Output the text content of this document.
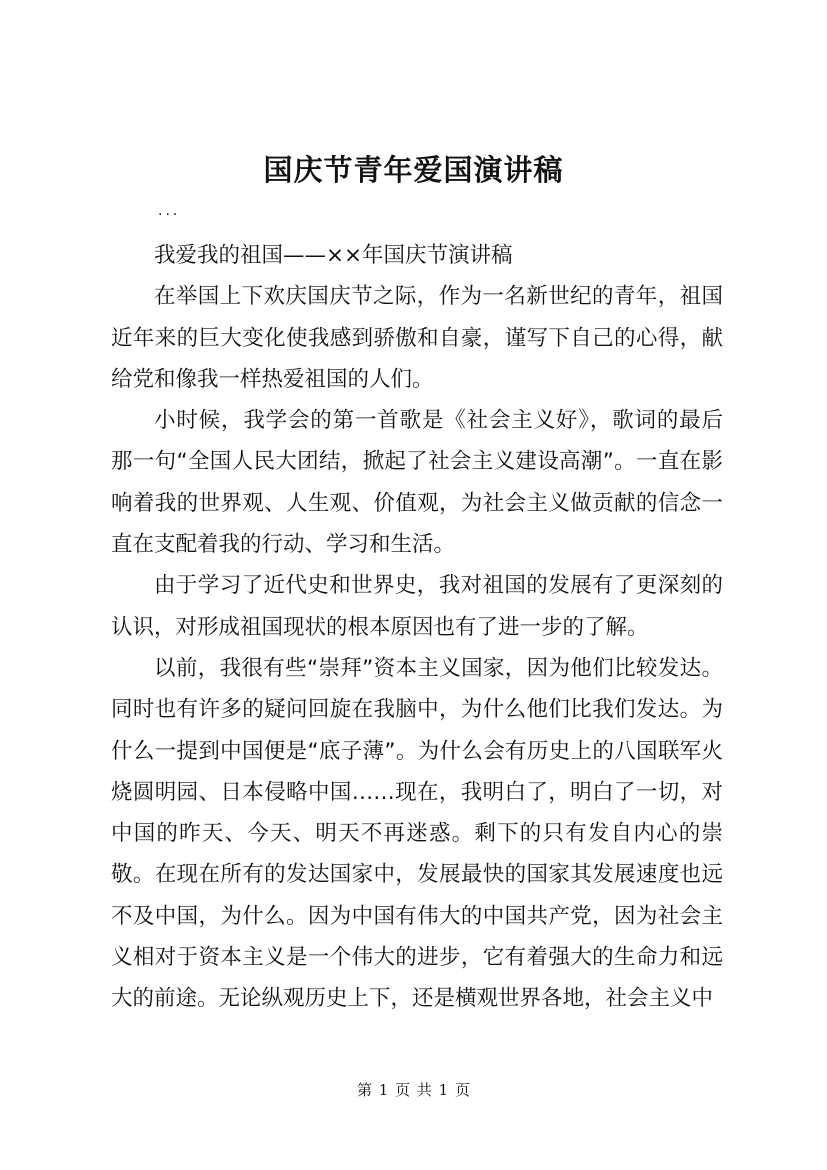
国庆节青年爱国演讲稿
...

我爱我的祖国——××年国庆节演讲稿

在举国上下欢庆国庆节之际，作为一名新世纪的青年，祖国近年来的巨大变化使我感到骄傲和自豪，谨写下自己的心得，献给党和像我一样热爱祖国的人们。

小时候，我学会的第一首歌是《社会主义好》，歌词的最后那一句“全国人民大团结，掀起了社会主义建设高潮”。一直在影响着我的世界观、人生观、价值观，为社会主义做贡献的信念一直在支配着我的行动、学习和生活。

由于学习了近代史和世界史，我对祖国的发展有了更深刻的认识，对形成祖国现状的根本原因也有了进一步的了解。

以前，我很有些“崇拜”资本主义国家，因为他们比较发达。同时也有许多的疑问回旋在我脑中，为什么他们比我们发达。为什么一提到中国便是“底子薄”。为什么会有历史上的八国联军火烧圆明园、日本侵略中国……现在，我明白了，明白了一切，对中国的昨天、今天、明天不再迷惑。剩下的只有发自内心的崇敬。在现在所有的发达国家中，发展最快的国家其发展速度也远不及中国，为什么。因为中国有伟大的中国共产党，因为社会主义相对于资本主义是一个伟大的进步，它有着强大的生命力和远大的前途。无论纵观历史上下，还是横观世界各地，社会主义中

第 1 页 共 1 页
